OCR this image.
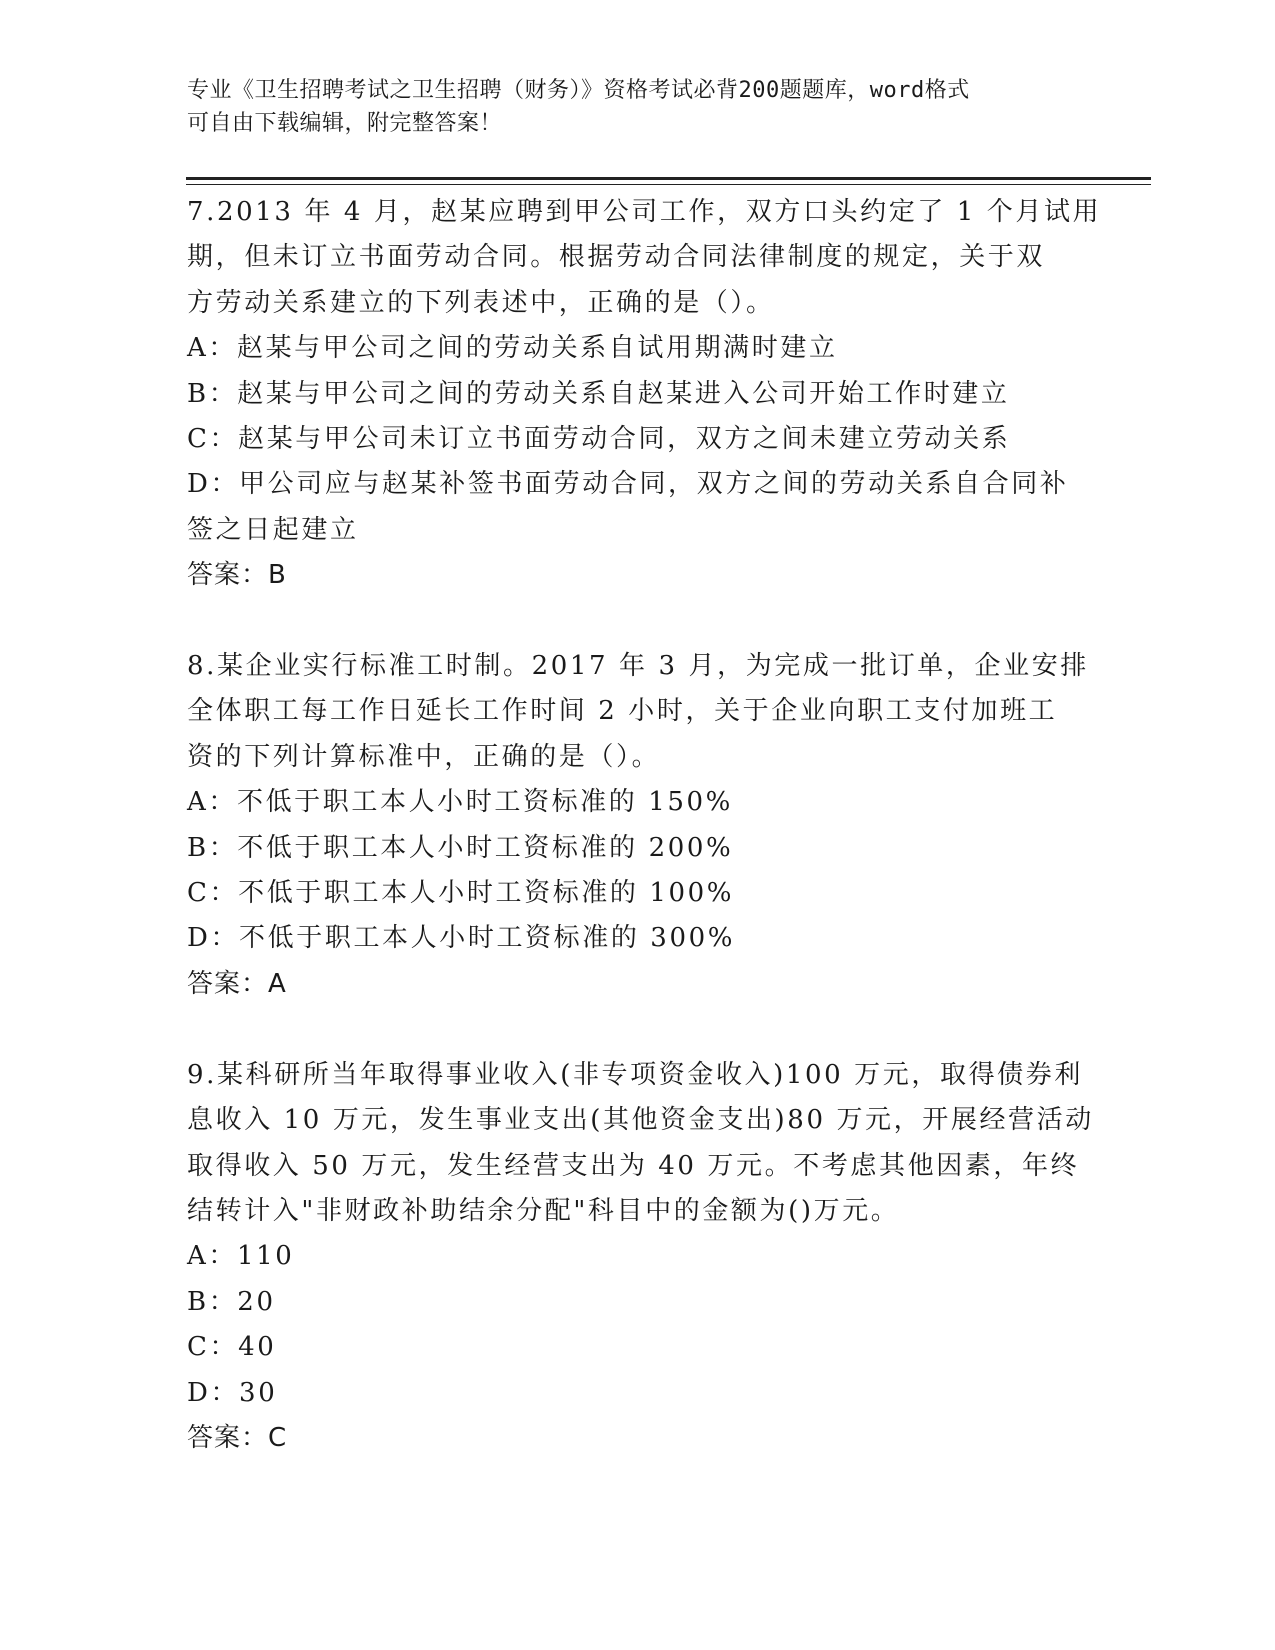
专业《卫生招聘考试之卫生招聘（财务）》资格考试必背200题题库，word格式
可自由下载编辑，附完整答案！
7.2013 年 4 月，赵某应聘到甲公司工作，双方口头约定了 1 个月试用
期，但未订立书面劳动合同。根据劳动合同法律制度的规定，关于双
方劳动关系建立的下列表述中，正确的是（）。
A：赵某与甲公司之间的劳动关系自试用期满时建立
B：赵某与甲公司之间的劳动关系自赵某进入公司开始工作时建立
C：赵某与甲公司未订立书面劳动合同，双方之间未建立劳动关系
D：甲公司应与赵某补签书面劳动合同，双方之间的劳动关系自合同补
签之日起建立
答案：B
8.某企业实行标准工时制。2017 年 3 月，为完成一批订单，企业安排
全体职工每工作日延长工作时间 2 小时，关于企业向职工支付加班工
资的下列计算标准中，正确的是（）。
A：不低于职工本人小时工资标准的 150%
B：不低于职工本人小时工资标准的 200%
C：不低于职工本人小时工资标准的 100%
D：不低于职工本人小时工资标准的 300%
答案：A
9.某科研所当年取得事业收入(非专项资金收入)100 万元，取得债券利
息收入 10 万元，发生事业支出(其他资金支出)80 万元，开展经营活动
取得收入 50 万元，发生经营支出为 40 万元。不考虑其他因素，年终
结转计入"非财政补助结余分配"科目中的金额为()万元。
A：110
B：20
C：40
D：30
答案：C
